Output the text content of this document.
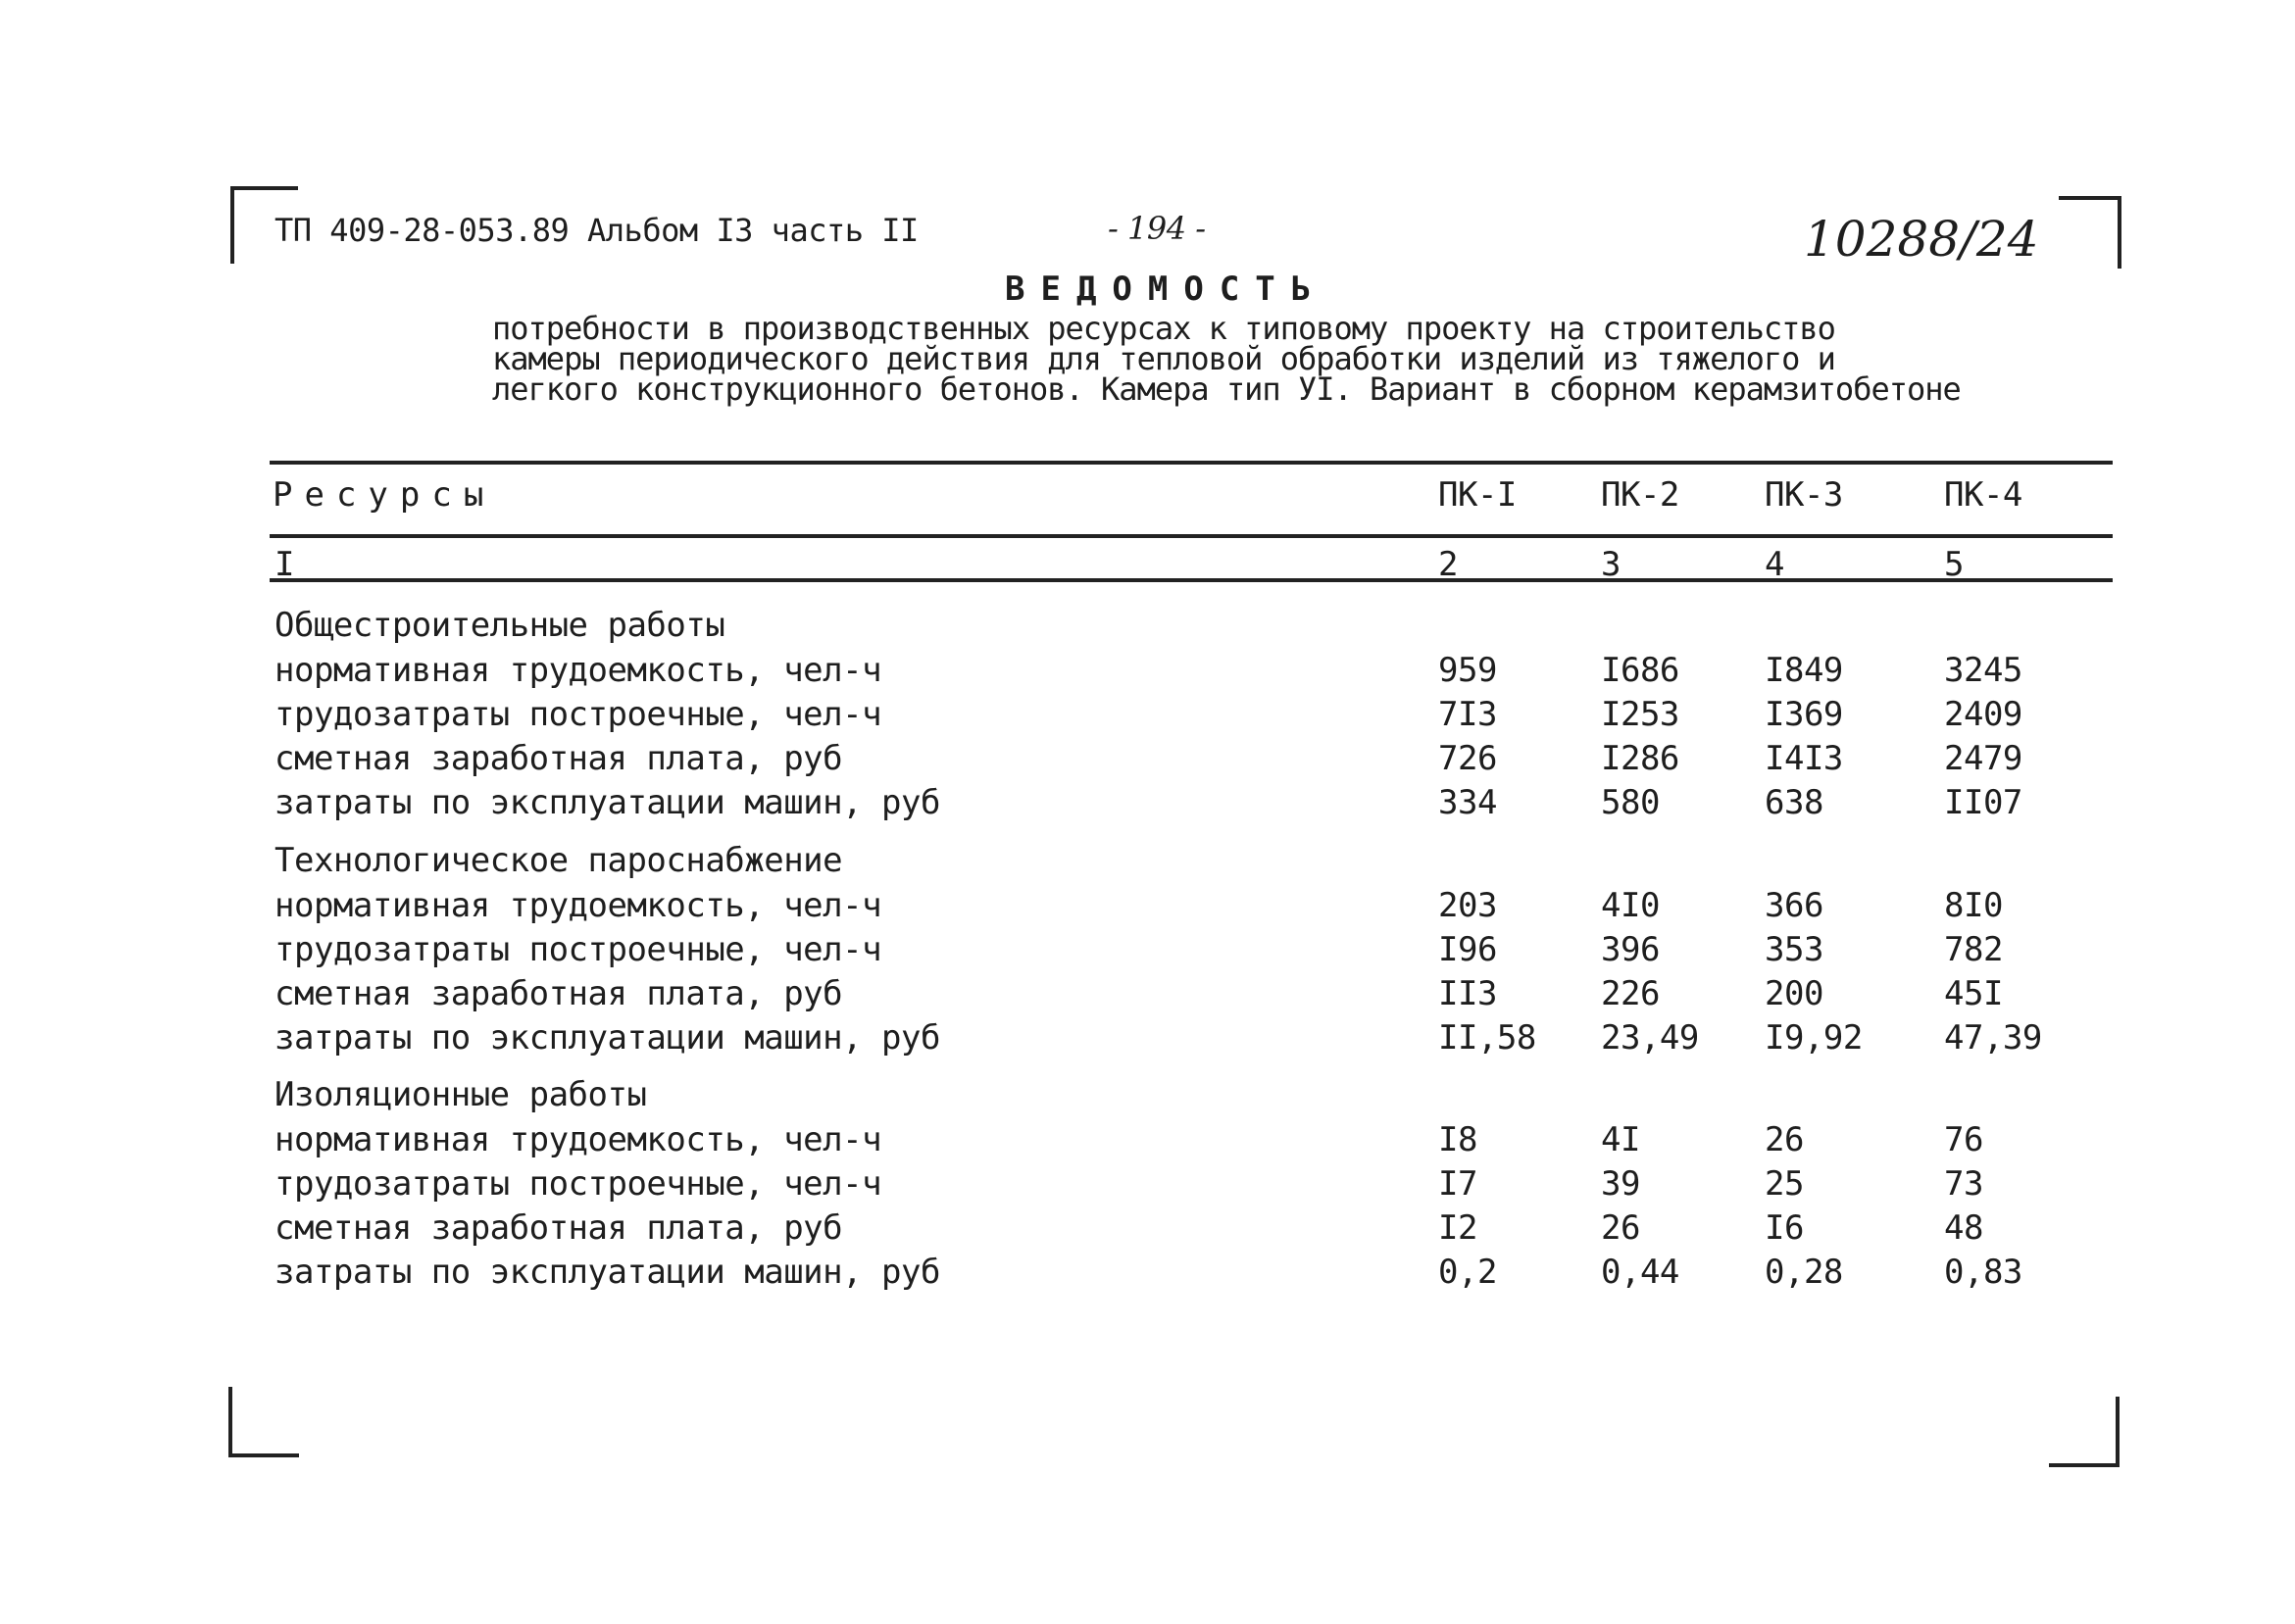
ТП 409-28-053.89 Альбом I3 часть II	- 194 -	10288/24
ВЕДОМОСТЬ
потребности в производственных ресурсах к типовому проекту на строительство
камеры периодического действия для тепловой обработки изделий из тяжелого и
легкого конструкционного бетонов. Камера тип УI. Вариант в сборном керамзитобетоне
Ресурсы	ПК-I	ПК-2	ПК-3	ПК-4
I	2	3	4	5
Общестроительные работы
нормативная трудоемкость, чел-ч	959	I686	I849	3245
трудозатраты построечные, чел-ч	7I3	I253	I369	2409
сметная заработная плата, руб	726	I286	I4I3	2479
затраты по эксплуатации машин, руб	334	580	638	II07
Технологическое пароснабжение
нормативная трудоемкость, чел-ч	203	4I0	366	8I0
трудозатраты построечные, чел-ч	I96	396	353	782
сметная заработная плата, руб	II3	226	200	45I
затраты по эксплуатации машин, руб	II,58 23,49 I9,92 47,39
Изоляционные работы
нормативная трудоемкость, чел-ч	I8	4I	26	76
трудозатраты построечные, чел-ч	I7	39	25	73
сметная заработная плата, руб	I2	26	I6	48
затраты по эксплуатации машин, руб	0,2	0,44	0,28	0,83
